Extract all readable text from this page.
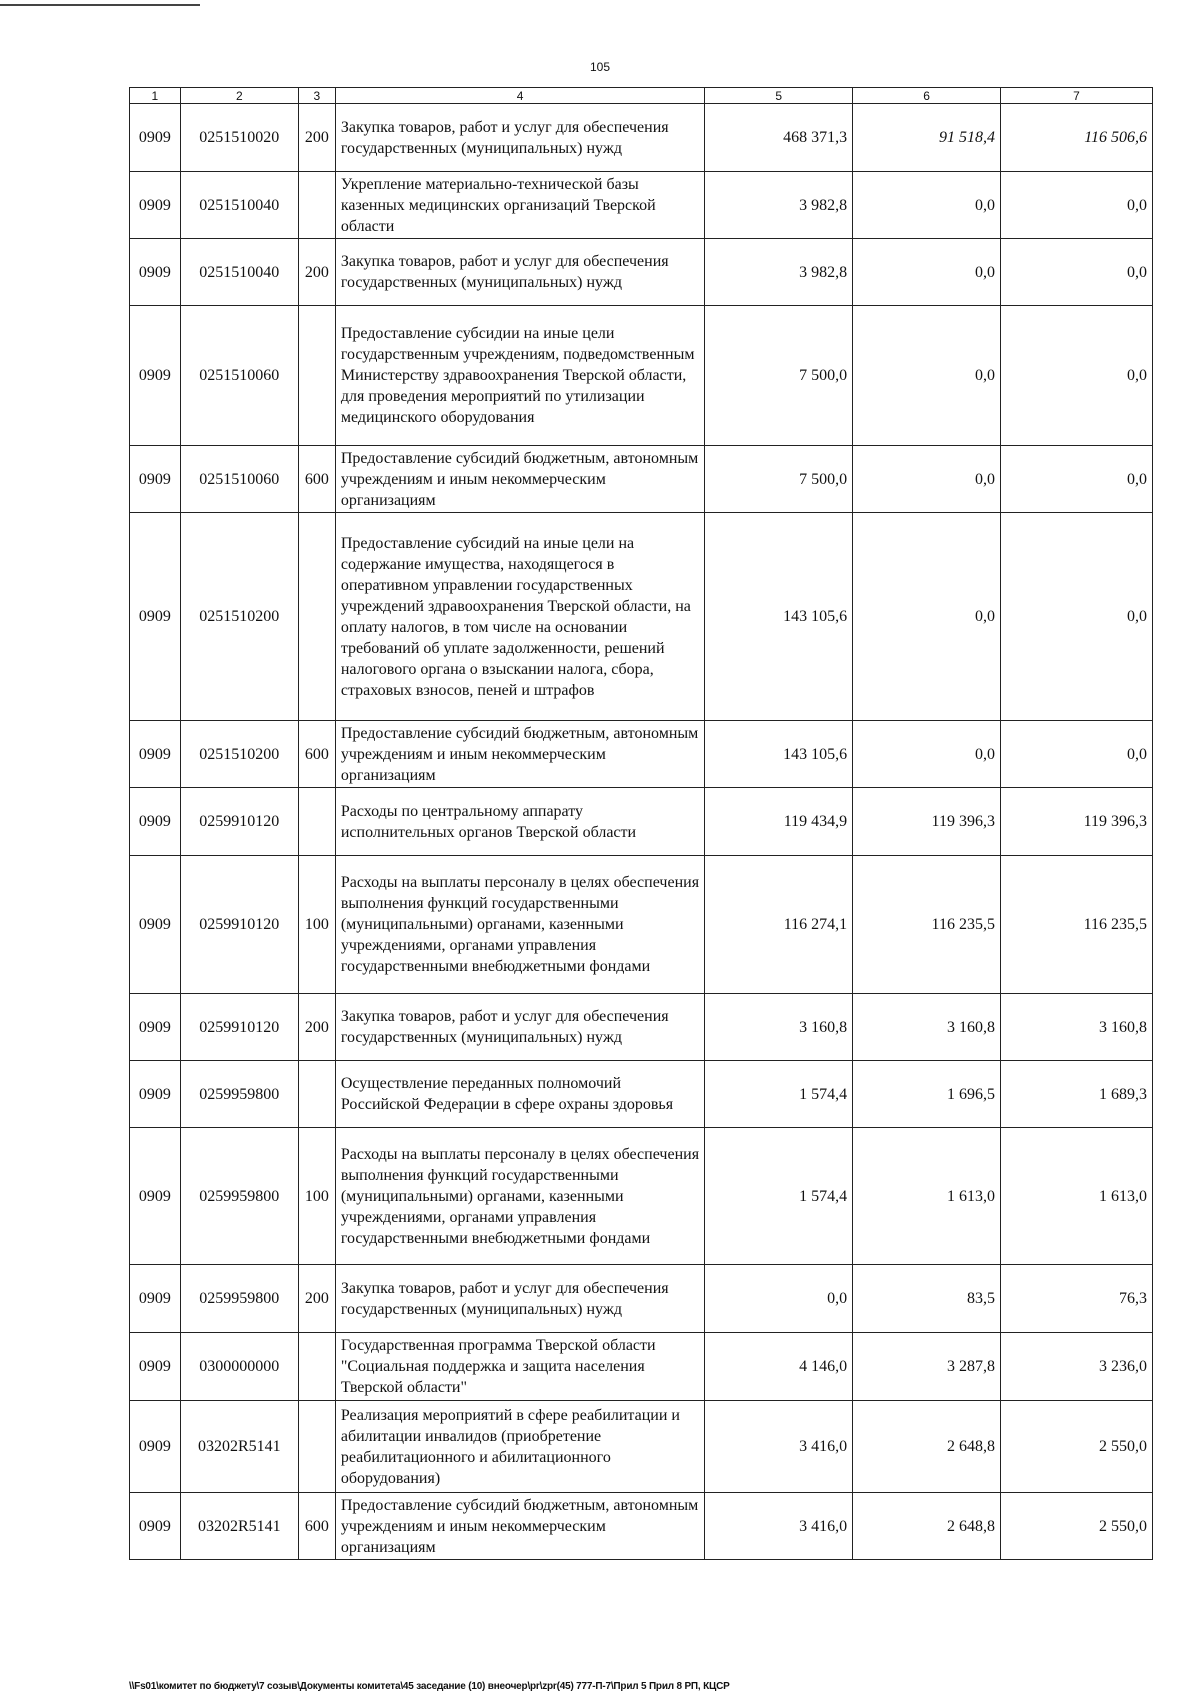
105
1	2	3	4	5	6	7
0909	0251510020	200	Закупка товаров, работ и услуг для обеспечения государственных (муниципальных) нужд	468 371,3	91 518,4	116 506,6
0909	0251510040		Укрепление материально-технической базы казенных медицинских организаций Тверской области	3 982,8	0,0	0,0
0909	0251510040	200	Закупка товаров, работ и услуг для обеспечения государственных (муниципальных) нужд	3 982,8	0,0	0,0
0909	0251510060		Предоставление субсидии на иные цели государственным учреждениям, подведомственным Министерству здравоохранения Тверской области, для проведения мероприятий по утилизации медицинского оборудования	7 500,0	0,0	0,0
0909	0251510060	600	Предоставление субсидий бюджетным, автономным учреждениям и иным некоммерческим организациям	7 500,0	0,0	0,0
0909	0251510200		Предоставление субсидий на иные цели на содержание имущества, находящегося в оперативном управлении государственных учреждений здравоохранения Тверской области, на оплату налогов, в том числе на основании требований об уплате задолженности, решений налогового органа о взыскании налога, сбора, страховых взносов, пеней и штрафов	143 105,6	0,0	0,0
0909	0251510200	600	Предоставление субсидий бюджетным, автономным учреждениям и иным некоммерческим организациям	143 105,6	0,0	0,0
0909	0259910120		Расходы по центральному аппарату исполнительных органов Тверской области	119 434,9	119 396,3	119 396,3
0909	0259910120	100	Расходы на выплаты персоналу в целях обеспечения выполнения функций государственными (муниципальными) органами, казенными учреждениями, органами управления государственными внебюджетными фондами	116 274,1	116 235,5	116 235,5
0909	0259910120	200	Закупка товаров, работ и услуг для обеспечения государственных (муниципальных) нужд	3 160,8	3 160,8	3 160,8
0909	0259959800		Осуществление переданных полномочий Российской Федерации в сфере охраны здоровья	1 574,4	1 696,5	1 689,3
0909	0259959800	100	Расходы на выплаты персоналу в целях обеспечения выполнения функций государственными (муниципальными) органами, казенными учреждениями, органами управления государственными внебюджетными фондами	1 574,4	1 613,0	1 613,0
0909	0259959800	200	Закупка товаров, работ и услуг для обеспечения государственных (муниципальных) нужд	0,0	83,5	76,3
0909	0300000000		Государственная программа Тверской области "Социальная поддержка и защита населения Тверской области"	4 146,0	3 287,8	3 236,0
0909	03202R5141		Реализация мероприятий в сфере реабилитации и абилитации инвалидов (приобретение реабилитационного и абилитационного оборудования)	3 416,0	2 648,8	2 550,0
0909	03202R5141	600	Предоставление субсидий бюджетным, автономным учреждениям и иным некоммерческим организациям	3 416,0	2 648,8	2 550,0
\\Fs01\комитет по бюджету\7 созыв\Документы комитета\45 заседание (10) внеочер\pr\zpr(45) 777-П-7\Прил 5 Прил 8 РП, КЦСР
